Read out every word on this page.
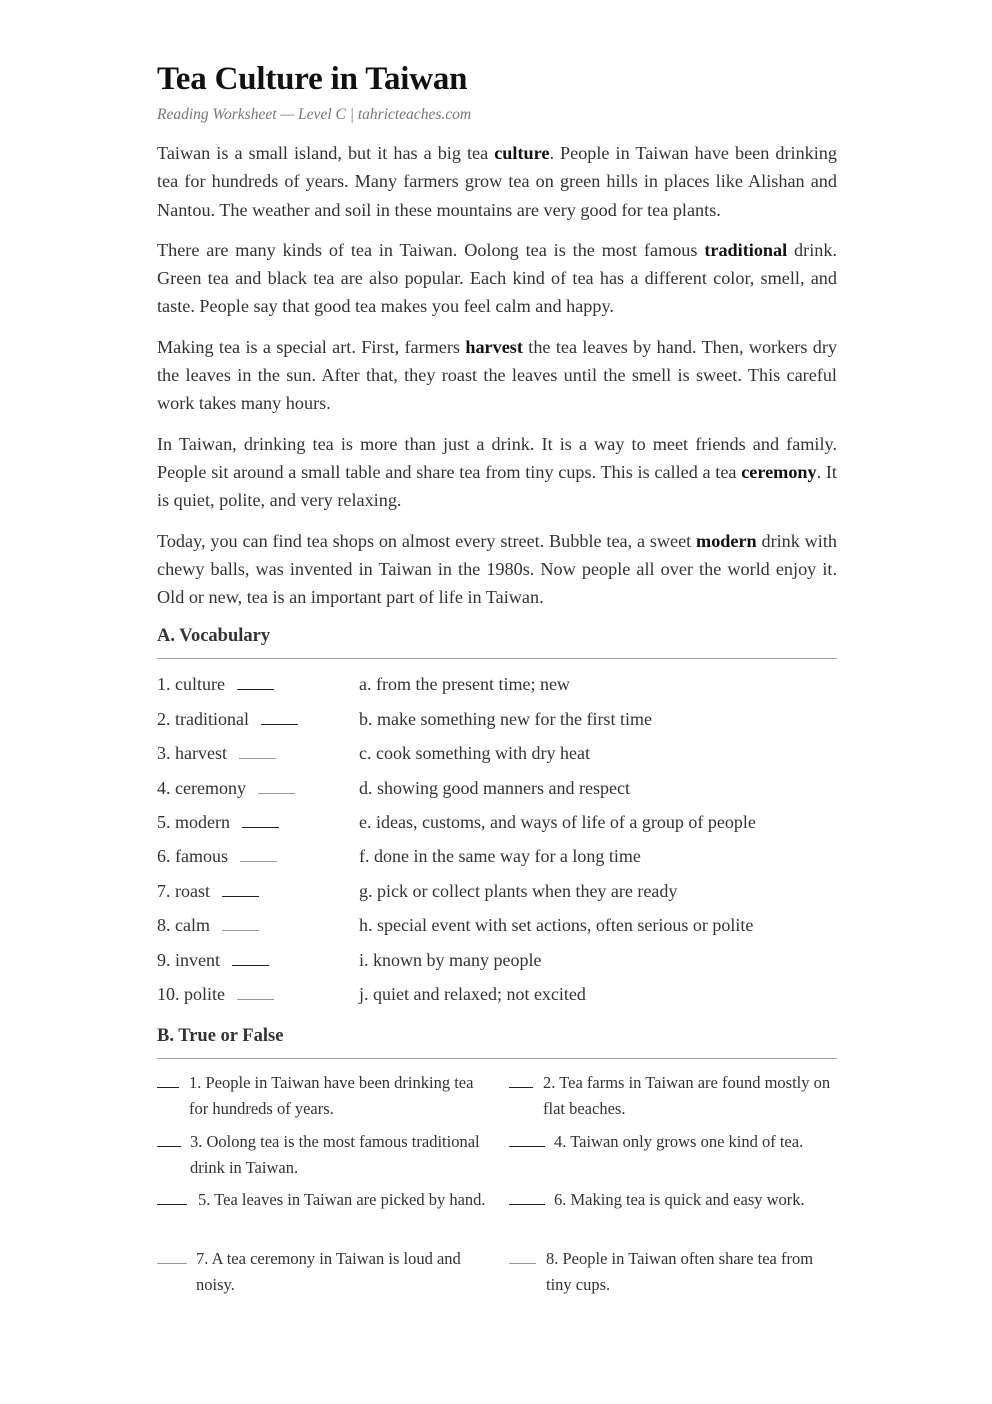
Tea Culture in Taiwan
Reading Worksheet — Level C | tahricteaches.com
Taiwan is a small island, but it has a big tea culture. People in Taiwan have been drinking tea for hundreds of years. Many farmers grow tea on green hills in places like Alishan and Nantou. The weather and soil in these mountains are very good for tea plants.
There are many kinds of tea in Taiwan. Oolong tea is the most famous traditional drink. Green tea and black tea are also popular. Each kind of tea has a different color, smell, and taste. People say that good tea makes you feel calm and happy.
Making tea is a special art. First, farmers harvest the tea leaves by hand. Then, workers dry the leaves in the sun. After that, they roast the leaves until the smell is sweet. This careful work takes many hours.
In Taiwan, drinking tea is more than just a drink. It is a way to meet friends and family. People sit around a small table and share tea from tiny cups. This is called a tea ceremony. It is quiet, polite, and very relaxing.
Today, you can find tea shops on almost every street. Bubble tea, a sweet modern drink with chewy balls, was invented in Taiwan in the 1980s. Now people all over the world enjoy it. Old or new, tea is an important part of life in Taiwan.
A. Vocabulary
1. culture	a. from the present time; new
2. traditional	b. make something new for the first time
3. harvest	c. cook something with dry heat
4. ceremony	d. showing good manners and respect
5. modern	e. ideas, customs, and ways of life of a group of people
6. famous	f. done in the same way for a long time
7. roast	g. pick or collect plants when they are ready
8. calm	h. special event with set actions, often serious or polite
9. invent	i. known by many people
10. polite	j. quiet and relaxed; not excited
B. True or False
1. People in Taiwan have been drinking tea for hundreds of years.
2. Tea farms in Taiwan are found mostly on flat beaches.
3. Oolong tea is the most famous traditional drink in Taiwan.
4. Taiwan only grows one kind of tea.
5. Tea leaves in Taiwan are picked by hand.	6. Making tea is quick and easy work.
7. A tea ceremony in Taiwan is loud and noisy.
8. People in Taiwan often share tea from tiny cups.
